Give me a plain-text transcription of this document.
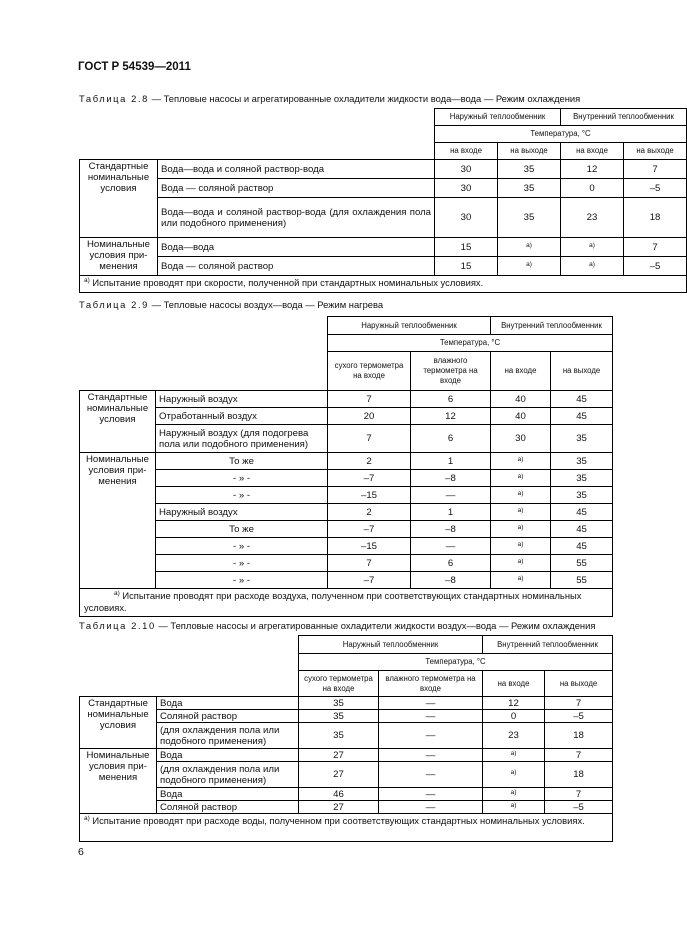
ГОСТ Р 54539—2011
Таблица 2.8 — Тепловые насосы и агрегатированные охладители жидкости вода—вода — Режим охлаждения
		Наружный теплообменник		Внутренний теплообменник	
		Температура, °С			
		на входе	на выходе	на входе	на выходе
Стандартные номинальные условия	Вода—вода и соляной раствор-вода	30	35	12	7
	Вода — соляной раствор	30	35	0	–5
	Вода—вода и соляной раствор-вода (для охлаждения пола или подобного применения)	30	35	23	18
Номинальные условия применения	Вода—вода	15	$^{a)}$	$^{a)}$	7
	Вода — соляной раствор	15	$^{a)}$	$^{a)}$	–5
$^{a)}$ Испытание проводят при скорости, полученной при стандартных номинальных условиях.					
Таблица 2.9 — Тепловые насосы воздух—вода — Режим нагрева
		Наружный теплообменник		Внутренний теплообменник	
		Температура, °С			
		сухого термометра на входе	влажного термометра на входе	на входе	на выходе
Стандартные номинальные условия	Наружный воздух	7	6	40	45
	Отработанный воздух	20	12	40	45
	Наружный воздух (для подогрева пола или подобного применения)	7	6	30	35
Номинальные условия применения	То же	2	1	$^{a)}$	35
	- » -	–7	–8	$^{a)}$	35
	- » -	–15	—	$^{a)}$	35
	Наружный воздух	2	1	$^{a)}$	45
	То же	–7	–8	$^{a)}$	45
	- » -	–15	—	$^{a)}$	45
	- » -	7	6	$^{a)}$	55
	- » -	–7	–8	$^{a)}$	55
$^{a)}$ Испытание проводят при расходе воздуха, полученном при соответствующих стандартных номинальных условиях.					
Таблица 2.10 — Тепловые насосы и агрегатированные охладители жидкости воздух—вода — Режим охлаждения
		Наружный теплообменник		Внутренний теплообменник	
		Температура, °С			
		сухого термометра на входе	влажного термометра на входе	на входе	на выходе
Стандартные номинальные условия	Вода	35	—	12	7
	Соляной раствор	35	—	0	–5
	(для охлаждения пола или подобного применения)	35	—	23	18
Номинальные условия применения	Вода	27	—	$^{a)}$	7
	(для охлаждения пола или подобного применения)	27	—	$^{a)}$	18
	Вода	46	—	$^{a)}$	7
	Соляной раствор	27	—	$^{a)}$	–5
$^{a)}$ Испытание проводят при расходе воды, полученном при соответствующих стандартных номинальных условиях.					
6
